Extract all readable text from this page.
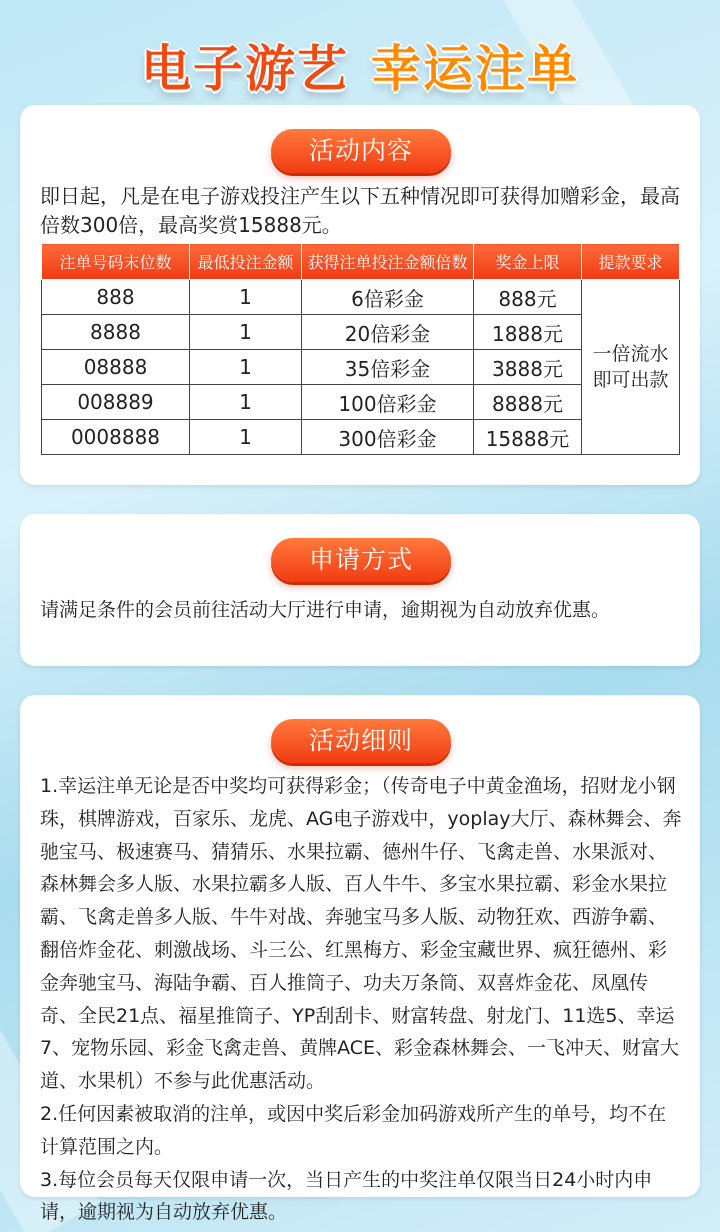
电子游艺 幸运注单
活动内容
即日起，凡是在电子游戏投注产生以下五种情况即可获得加赠彩金，最高倍数300倍，最高奖赏15888元。
注单号码末位数	最低投注金额	获得注单投注金额倍数	奖金上限	提款要求
888	1	6倍彩金	888元	一倍流水
即可出款

8888	1	20倍彩金	1888元	
08888	1	35倍彩金	3888元	
008889	1	100倍彩金	8888元	
0008888	1	300倍彩金	15888元	
申请方式
请满足条件的会员前往活动大厅进行申请，逾期视为自动放弃优惠。
活动细则

1.幸运注单无论是否中奖均可获得彩金；（传奇电子中黄金渔场，招财龙小钢珠，棋牌游戏，百家乐、龙虎、AG电子游戏中，yoplay大厅、森林舞会、奔驰宝马、极速赛马、猜猜乐、水果拉霸、德州牛仔、飞禽走兽、水果派对、森林舞会多人版、水果拉霸多人版、百人牛牛、多宝水果拉霸、彩金水果拉霸、飞禽走兽多人版、牛牛对战、奔驰宝马多人版、动物狂欢、西游争霸、翻倍炸金花、刺激战场、斗三公、红黑梅方、彩金宝藏世界、疯狂德州、彩金奔驰宝马、海陆争霸、百人推筒子、功夫万条筒、双喜炸金花、凤凰传奇、全民21点、福星推筒子、YP刮刮卡、财富转盘、射龙门、11选5、幸运7、宠物乐园、彩金飞禽走兽、黄牌ACE、彩金森林舞会、一飞冲天、财富大道、水果机）不参与此优惠活动。

2.任何因素被取消的注单，或因中奖后彩金加码游戏所产生的单号，均不在计算范围之内。

3.每位会员每天仅限申请一次，当日产生的中奖注单仅限当日24小时内申请，逾期视为自动放弃优惠。
